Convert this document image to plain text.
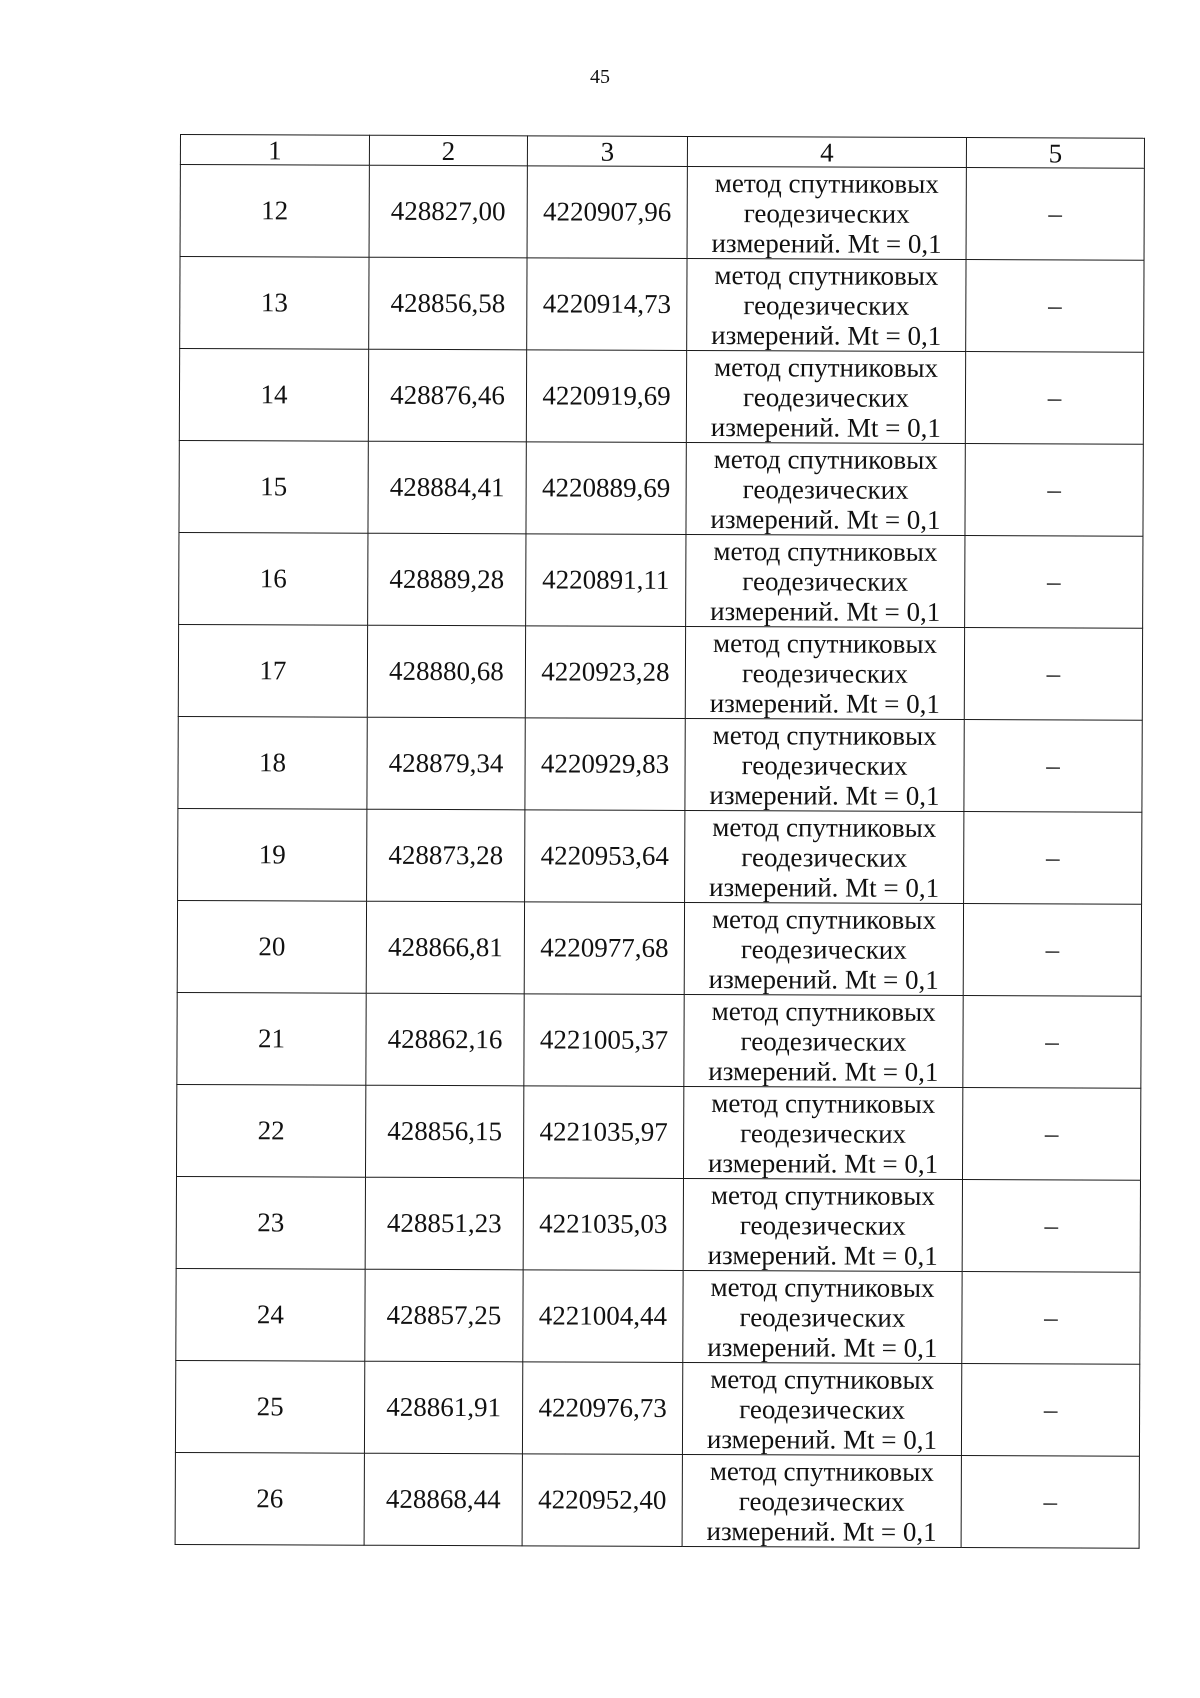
45
1	2	3	4	5
12	428827,00	4220907,96	метод спутниковых
геодезических
измерений. Mt = 0,1	–
13	428856,58	4220914,73	метод спутниковых
геодезических
измерений. Mt = 0,1	–
14	428876,46	4220919,69	метод спутниковых
геодезических
измерений. Mt = 0,1	–
15	428884,41	4220889,69	метод спутниковых
геодезических
измерений. Mt = 0,1	–
16	428889,28	4220891,11	метод спутниковых
геодезических
измерений. Mt = 0,1	–
17	428880,68	4220923,28	метод спутниковых
геодезических
измерений. Mt = 0,1	–
18	428879,34	4220929,83	метод спутниковых
геодезических
измерений. Mt = 0,1	–
19	428873,28	4220953,64	метод спутниковых
геодезических
измерений. Mt = 0,1	–
20	428866,81	4220977,68	метод спутниковых
геодезических
измерений. Mt = 0,1	–
21	428862,16	4221005,37	метод спутниковых
геодезических
измерений. Mt = 0,1	–
22	428856,15	4221035,97	метод спутниковых
геодезических
измерений. Mt = 0,1	–
23	428851,23	4221035,03	метод спутниковых
геодезических
измерений. Mt = 0,1	–
24	428857,25	4221004,44	метод спутниковых
геодезических
измерений. Mt = 0,1	–
25	428861,91	4220976,73	метод спутниковых
геодезических
измерений. Mt = 0,1	–
26	428868,44	4220952,40	метод спутниковых
геодезических
измерений. Mt = 0,1	–
